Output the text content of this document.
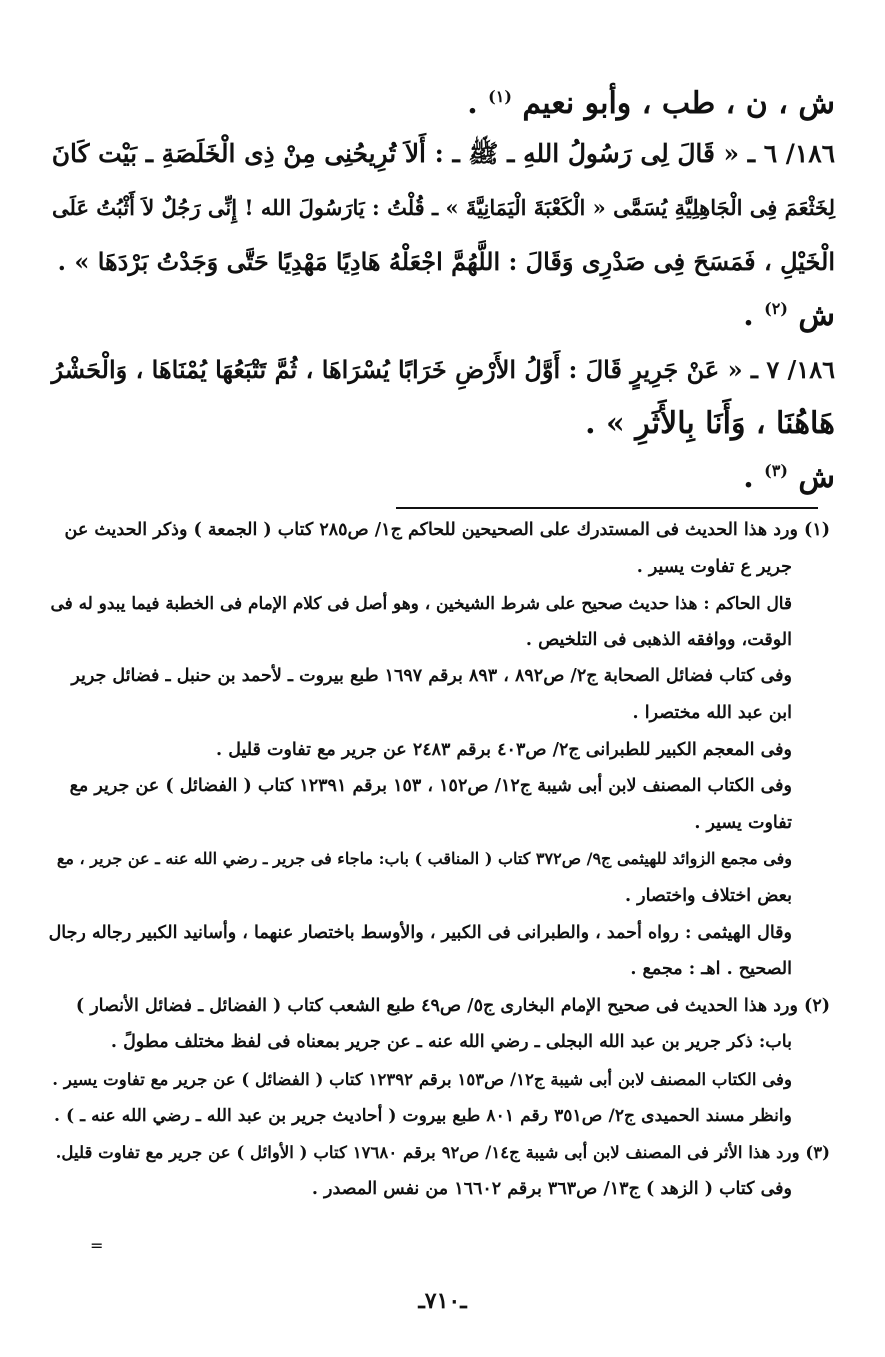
ش ، ن ، طب ، وأبو نعيم $^{(١)}$ .
١٨٦/ ٦ ـ « قَالَ لِى رَسُولُ اللهِ ـ ﷺ ـ : أَلاَ تُرِيحُنِى مِنْ ذِى الْخَلَصَةِ ـ بَيْت كَانَ
لِخَثْعَمَ فِى الْجَاهِلِيَّةِ يُسَمَّى « الْكَعْبَةَ الْيَمَانِيَّةَ » ـ قُلْتُ : يَارَسُولَ الله ! إِنِّى رَجُلٌ لاَ أَثْبُتُ عَلَى
الْخَيْلِ ، فَمَسَحَ فِى صَدْرِى وَقَالَ : اللَّهُمَّ اجْعَلْهُ هَادِيًا مَهْدِيًا حَتَّى وَجَدْتُ بَرْدَهَا » .
ش $^{(٢)}$ .
١٨٦/ ٧ ـ « عَنْ جَرِيرٍ قَالَ : أَوَّلُ الأَرْضِ خَرَابًا يُسْرَاهَا ، ثُمَّ تَتْبَعُهَا يُمْنَاهَا ، وَالْحَشْرُ
هَاهُنَا ، وَأَنَا بِالأَثَرِ » .
ش $^{(٣)}$ .
(١) ورد هذا الحديث فى المستدرك على الصحيحين للحاكم ج١/ ص٢٨٥ كتاب ( الجمعة ) وذكر الحديث عن
جرير ع تفاوت يسير .
قال الحاكم : هذا حديث صحيح على شرط الشيخين ، وهو أصل فى كلام الإمام فى الخطبة فيما يبدو له فى
الوقت، ووافقه الذهبى فى التلخيص .
وفى كتاب فضائل الصحابة ج٢/ ص٨٩٢ ، ٨٩٣ برقم ١٦٩٧ طبع بيروت ـ لأحمد بن حنبل ـ فضائل جرير
ابن عبد الله مختصرا .
وفى المعجم الكبير للطبرانى ج٢/ ص٤٠٣ برقم ٢٤٨٣ عن جرير مع تفاوت قليل .
وفى الكتاب المصنف لابن أبى شيبة ج١٢/ ص١٥٢ ، ١٥٣ برقم ١٢٣٩١ كتاب ( الفضائل ) عن جرير مع
تفاوت يسير .
وفى مجمع الزوائد للهيثمى ج٩/ ص٣٧٢ كتاب ( المناقب ) باب: ماجاء فى جرير ـ رضي الله عنه ـ عن جرير ، مع
بعض اختلاف واختصار .
وقال الهيثمى : رواه أحمد ، والطبرانى فى الكبير ، والأوسط باختصار عنهما ، وأسانيد الكبير رجاله رجال
الصحيح . اهـ : مجمع .
(٢) ورد هذا الحديث فى صحيح الإمام البخارى ج٥/ ص٤٩ طبع الشعب كتاب ( الفضائل ـ فضائل الأنصار )
باب: ذكر جرير بن عبد الله البجلى ـ رضي الله عنه ـ عن جرير بمعناه فى لفظ مختلف مطولً .
وفى الكتاب المصنف لابن أبى شيبة ج١٢/ ص١٥٣ برقم ١٢٣٩٢ كتاب ( الفضائل ) عن جرير مع تفاوت يسير .
وانظر مسند الحميدى ج٢/ ص٣٥١ رقم ٨٠١ طبع بيروت ( أحاديث جرير بن عبد الله ـ رضي الله عنه ـ ) .
(٣) ورد هذا الأثر فى المصنف لابن أبى شيبة ج١٤/ ص٩٢ برقم ١٧٦٨٠ كتاب ( الأوائل ) عن جرير مع تفاوت قليل.
وفى كتاب ( الزهد ) ج١٣/ ص٣٦٣ برقم ١٦٦٠٢ من نفس المصدر .
=
ـ٧١٠ـ
